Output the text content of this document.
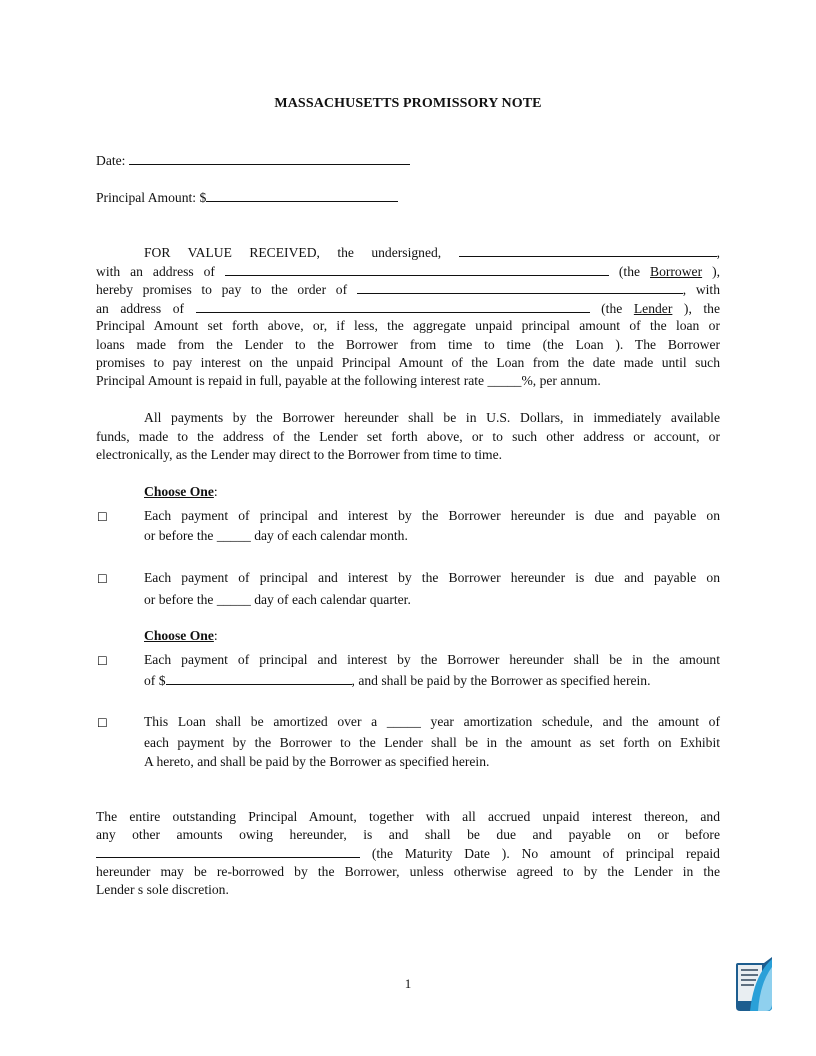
MASSACHUSETTS PROMISSORY NOTE
Date:
Principal Amount: $
FOR VALUE RECEIVED, the undersigned,	,
with an address of	(the Borrower ),
hereby promises to pay to the order of	, with
an address of	(the Lender ), the
Principal Amount set forth above, or, if less, the aggregate unpaid principal amount of the loan or
loans made from the Lender to the Borrower from time to time (the Loan ). The Borrower
promises to pay interest on the unpaid Principal Amount of the Loan from the date made until such
Principal Amount is repaid in full, payable at the following interest rate _____%, per annum.
All payments by the Borrower hereunder shall be in U.S. Dollars, in immediately available
funds, made to the address of the Lender set forth above, or to such other address or account, or
electronically, as the Lender may direct to the Borrower from time to time.
Choose One:
☐	Each payment of principal and interest by the Borrower hereunder is due and payable on
or before the _____ day of each calendar month.
☐	Each payment of principal and interest by the Borrower hereunder is due and payable on
or before the _____ day of each calendar quarter.
Choose One:
☐	Each payment of principal and interest by the Borrower hereunder shall be in the amount
of $	, and shall be paid by the Borrower as specified herein.
☐	This Loan shall be amortized over a _____ year amortization schedule, and the amount of
each payment by the Borrower to the Lender shall be in the amount as set forth on Exhibit
A hereto, and shall be paid by the Borrower as specified herein.
The entire outstanding Principal Amount, together with all accrued unpaid interest thereon, and
any other amounts owing hereunder, is and shall be due and payable on or before
(the Maturity Date ). No amount of principal repaid
hereunder may be re-borrowed by the Borrower, unless otherwise agreed to by the Lender in the
Lender s sole discretion.
1
